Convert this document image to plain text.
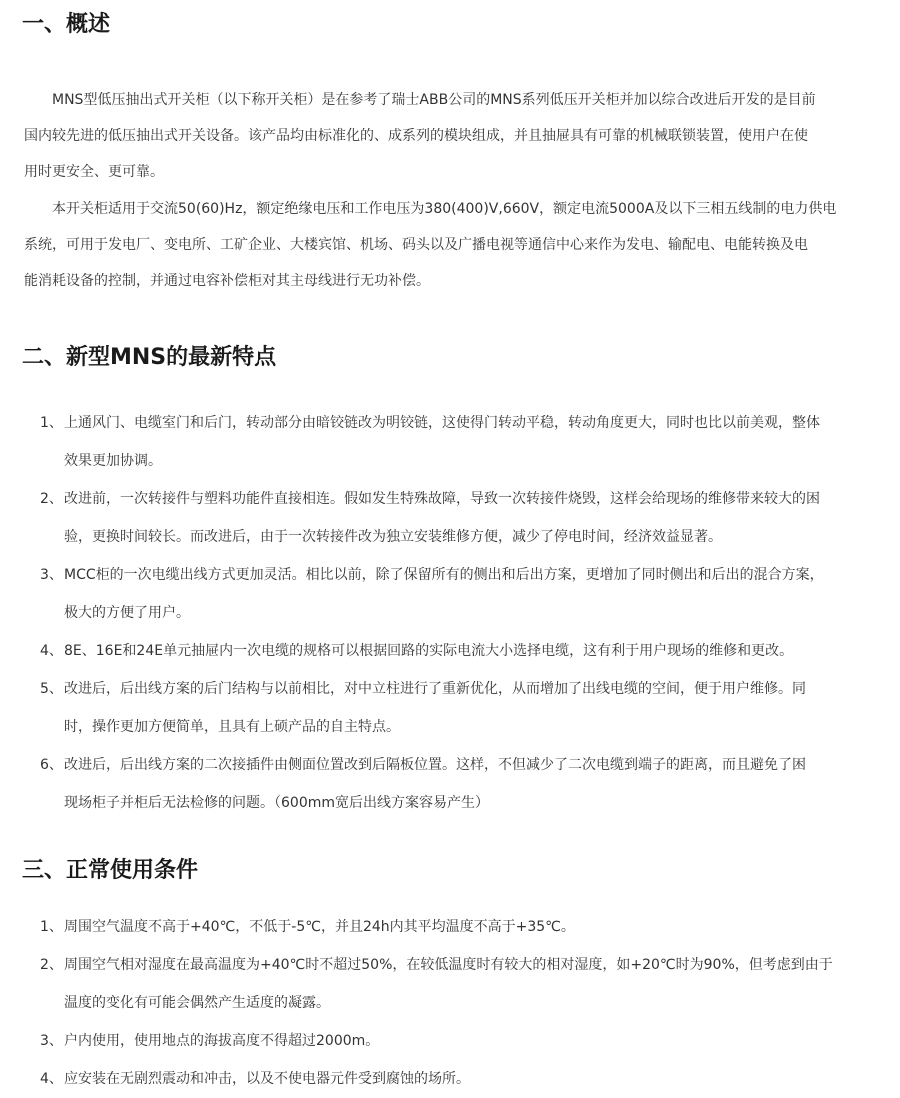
一、概述

　　MNS型低压抽出式开关柜（以下称开关柜）是在参考了瑞士ABB公司的MNS系列低压开关柜并加以综合改进后开发的是目前
国内较先进的低压抽出式开关设备。该产品均由标准化的、成系列的模块组成，并且抽屉具有可靠的机械联锁装置，使用户在使
用时更安全、更可靠。

　　本开关柜适用于交流50(60)Hz，额定绝缘电压和工作电压为380(400)V,660V，额定电流5000A及以下三相五线制的电力供电
系统，可用于发电厂、变电所、工矿企业、大楼宾馆、机场、码头以及广播电视等通信中心来作为发电、输配电、电能转换及电
能消耗设备的控制，并通过电容补偿柜对其主母线进行无功补偿。

二、新型MNS的最新特点
1、 上通风门、电缆室门和后门，转动部分由暗铰链改为明铰链，这使得门转动平稳，转动角度更大，同时也比以前美观，整体
效果更加协调。
2、 改进前，一次转接件与塑料功能件直接相连。假如发生特殊故障，导致一次转接件烧毁，这样会给现场的维修带来较大的困
验，更换时间较长。而改进后，由于一次转接件改为独立安装维修方便，减少了停电时间，经济效益显著。
3、 MCC柜的一次电缆出线方式更加灵活。相比以前，除了保留所有的侧出和后出方案，更增加了同时侧出和后出的混合方案，
极大的方便了用户。
4、 8E、16E和24E单元抽屉内一次电缆的规格可以根据回路的实际电流大小选择电缆，这有利于用户现场的维修和更改。
5、 改进后，后出线方案的后门结构与以前相比，对中立柱进行了重新优化，从而增加了出线电缆的空间，便于用户维修。同
时，操作更加方便简单，且具有上硕产品的自主特点。
6、 改进后，后出线方案的二次接插件由侧面位置改到后隔板位置。这样，不但减少了二次电缆到端子的距离，而且避免了困
现场柜子并柜后无法检修的问题。（600mm宽后出线方案容易产生）
三、正常使用条件
1、 周围空气温度不高于+40℃，不低于-5℃，并且24h内其平均温度不高于+35℃。
2、 周围空气相对湿度在最高温度为+40℃时不超过50%，在较低温度时有较大的相对湿度，如+20℃时为90%，但考虑到由于
温度的变化有可能会偶然产生适度的凝露。
3、 户内使用，使用地点的海拔高度不得超过2000m。
4、 应安装在无剧烈震动和冲击，以及不使电器元件受到腐蚀的场所。
